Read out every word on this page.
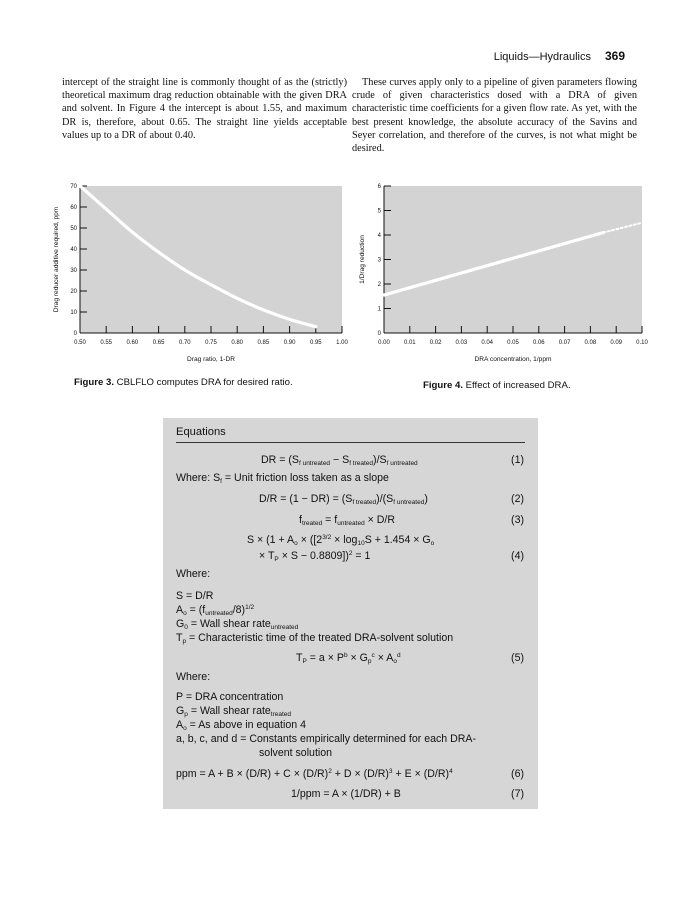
Liquids—Hydraulics 369
intercept of the straight line is commonly thought of as the (strictly) theoretical maximum drag reduction obtainable with the given DRA and solvent. In Figure 4 the intercept is about 1.55, and maximum DR is, therefore, about 0.65. The straight line yields acceptable values up to a DR of about 0.40.
These curves apply only to a pipeline of given parameters flowing crude of given characteristics dosed with a DRA of given characteristic time coefficients for a given flow rate. As yet, with the best present knowledge, the absolute accuracy of the Savins and Seyer correlation, and therefore of the curves, is not what might be desired.
0
10
20
30
40
50
60
70
0.50 0.55 0.60 0.65 0.70 0.75 0.80 0.85 0.90 0.95 1.00
Drag ratio, 1-DR
Drag reducer additive required, ppm
Figure 3. CBLFLO computes DRA for desired ratio.
0
1
2
3
4
5
6
0.00 0.01 0.02 0.03 0.04 0.05 0.06 0.07 0.08 0.09 0.10
DRA concentration, 1/ppm
1/Drag reduction
Figure 4. Effect of increased DRA.
Equations
DR = $(S_{f untreated} - S_{f treated})/S_{f untreated}$	(1)
Where: $S_f$ = Unit friction loss taken as a slope
$D/R = (1 - DR) = (S_{f treated})/(S_{f untreated})$	(2)
$f_{treated} = f_{untreated} \times D/R$	(3)
$S \times (1 + A_o \times ([2^{3/2} \times \log_{10}S + 1.454 \times G_o$
× $T_P \times S - 0.8809])^2 = 1$	(4)
Where:
S = D/R
$A_o = (f_{untreated}/8)^{1/2}$
$G_0$ = Wall shear rate$_{untreated}$
$T_p$ = Characteristic time of the treated DRA-solvent solution
$T_P = a \times P^b \times G_p^c \times A_o^d$	(5)
Where:
P = DRA concentration
$G_p$ = Wall shear rate$_{treated}$
$A_o = As$ above in equation 4
a, b, c, and d = Constants empirically determined for each DRA-
solvent solution
ppm = $A + B \times (D/R) + C \times (D/R)^2 + D \times (D/R)^3 + E \times (D/R)^4$	(6)
1/ppm = A × (1/DR) + B	(7)
